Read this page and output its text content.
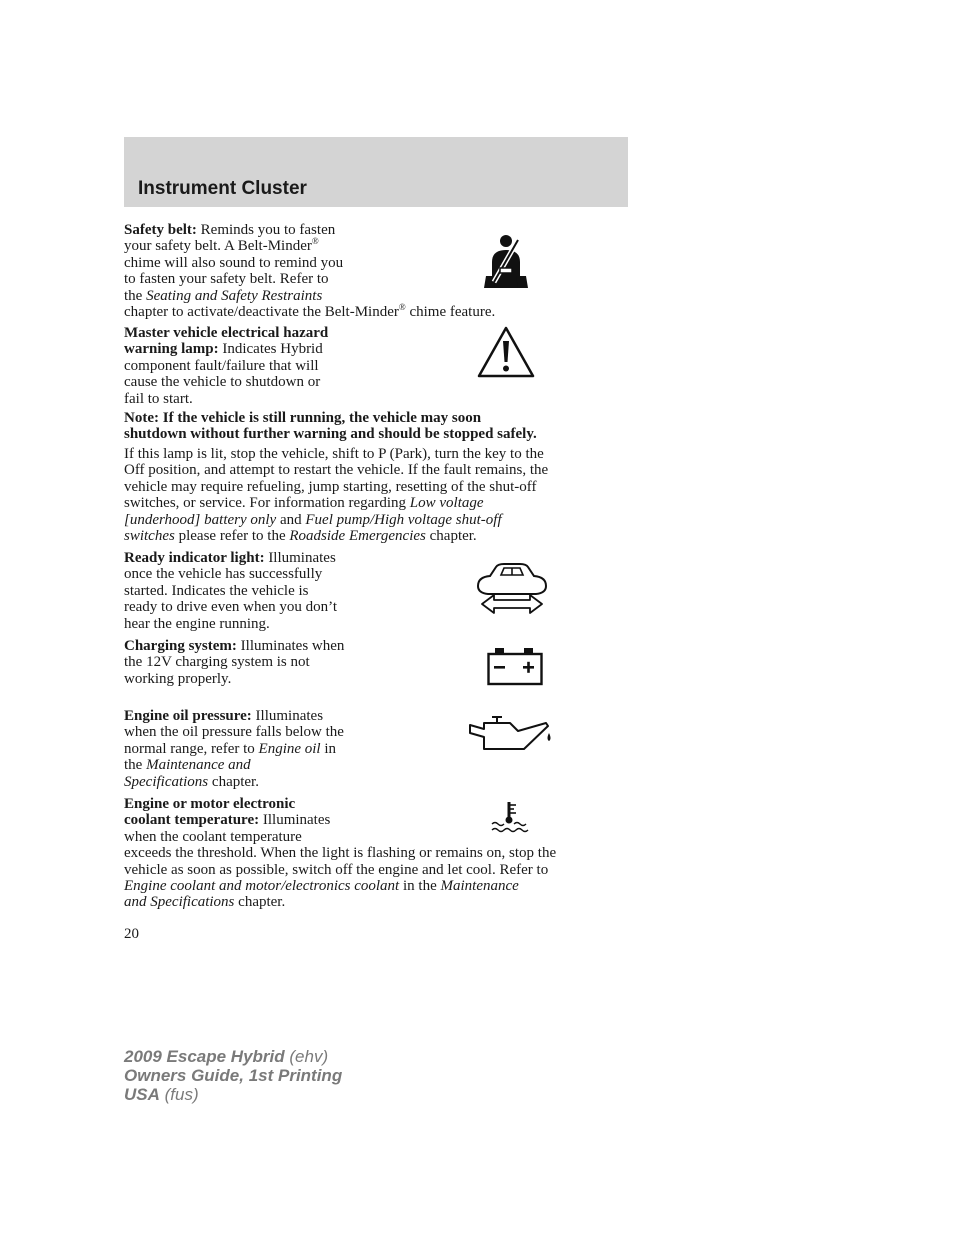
Instrument Cluster
Safety belt: Reminds you to fasten
your safety belt. A Belt-Minder®
chime will also sound to remind you
to fasten your safety belt. Refer to
the Seating and Safety Restraints
chapter to activate/deactivate the Belt-Minder® chime feature.
Master vehicle electrical hazard
warning lamp: Indicates Hybrid
component fault/failure that will
cause the vehicle to shutdown or
fail to start.
Note: If the vehicle is still running, the vehicle may soon
shutdown without further warning and should be stopped safely.
If this lamp is lit, stop the vehicle, shift to P (Park), turn the key to the
Off position, and attempt to restart the vehicle. If the fault remains, the
vehicle may require refueling, jump starting, resetting of the shut-off
switches, or service. For information regarding Low voltage
[underhood] battery only and Fuel pump/High voltage shut-off
switches please refer to the Roadside Emergencies chapter.
Ready indicator light: Illuminates
once the vehicle has successfully
started. Indicates the vehicle is
ready to drive even when you don’t
hear the engine running.
Charging system: Illuminates when
the 12V charging system is not
working properly.
Engine oil pressure: Illuminates
when the oil pressure falls below the
normal range, refer to Engine oil in
the Maintenance and
Specifications chapter.
Engine or motor electronic
coolant temperature: Illuminates
when the coolant temperature
exceeds the threshold. When the light is flashing or remains on, stop the
vehicle as soon as possible, switch off the engine and let cool. Refer to
Engine coolant and motor/electronics coolant in the Maintenance
and Specifications chapter.
20
2009 Escape Hybrid (ehv)
Owners Guide, 1st Printing
USA (fus)
